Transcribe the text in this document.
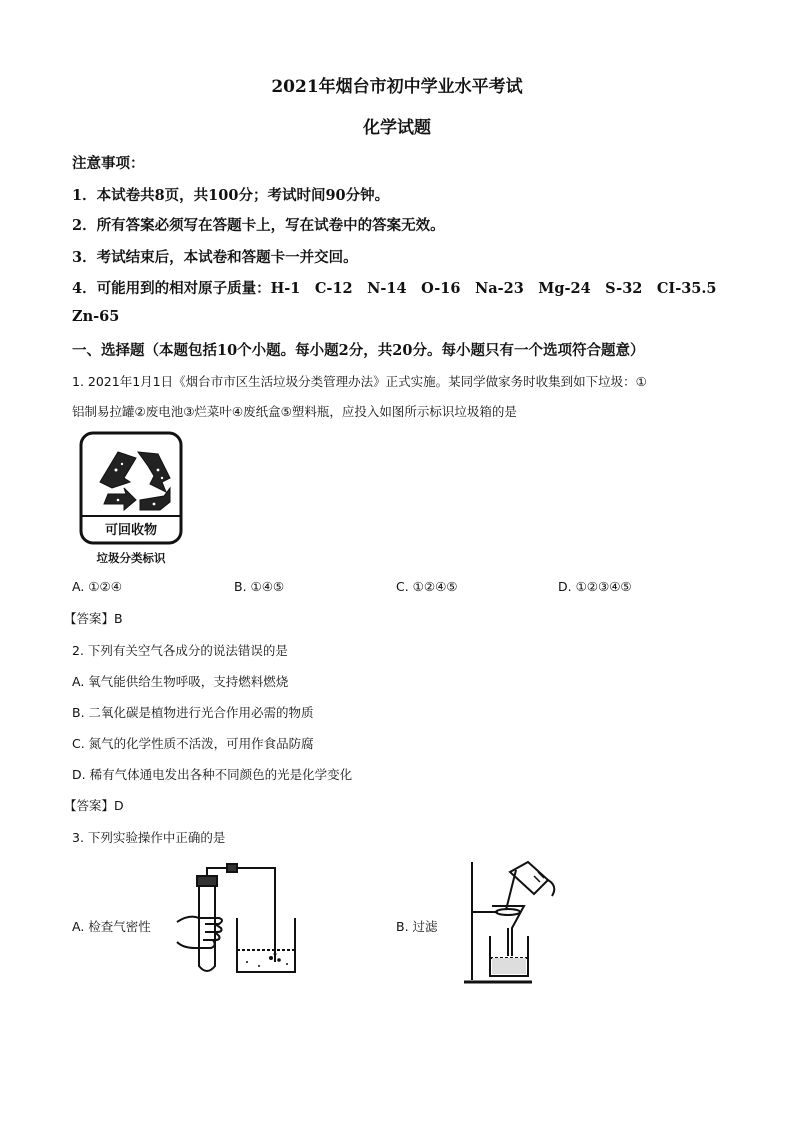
2021年烟台市初中学业水平考试
化学试题
注意事项：
1．本试卷共8页，共100分；考试时间90分钟。
2．所有答案必须写在答题卡上，写在试卷中的答案无效。
3．考试结束后，本试卷和答题卡一并交回。
4．可能用到的相对原子质量：H-1　C-12　N-14　O-16　Na-23　Mg-24　S-32　CI-35.5
Zn-65
一、选择题（本题包括10个小题。每小题2分，共20分。每小题只有一个选项符合题意）
1. 2021年1月1日《烟台市市区生活垃圾分类管理办法》正式实施。某同学做家务时收集到如下垃圾：①
铝制易拉罐②废电池③烂菜叶④废纸盒⑤塑料瓶，应投入如图所示标识垃圾箱的是
可回收物
垃圾分类标识
A. ①②④	B. ①④⑤	C. ①②④⑤	D. ①②③④⑤
【答案】B
2. 下列有关空气各成分的说法错误的是
A. 氧气能供给生物呼吸，支持燃料燃烧
B. 二氧化碳是植物进行光合作用必需的物质
C. 氮气的化学性质不活泼，可用作食品防腐
D. 稀有气体通电发出各种不同颜色的光是化学变化
【答案】D
3. 下列实验操作中正确的是
A. 检查气密性	B. 过滤
